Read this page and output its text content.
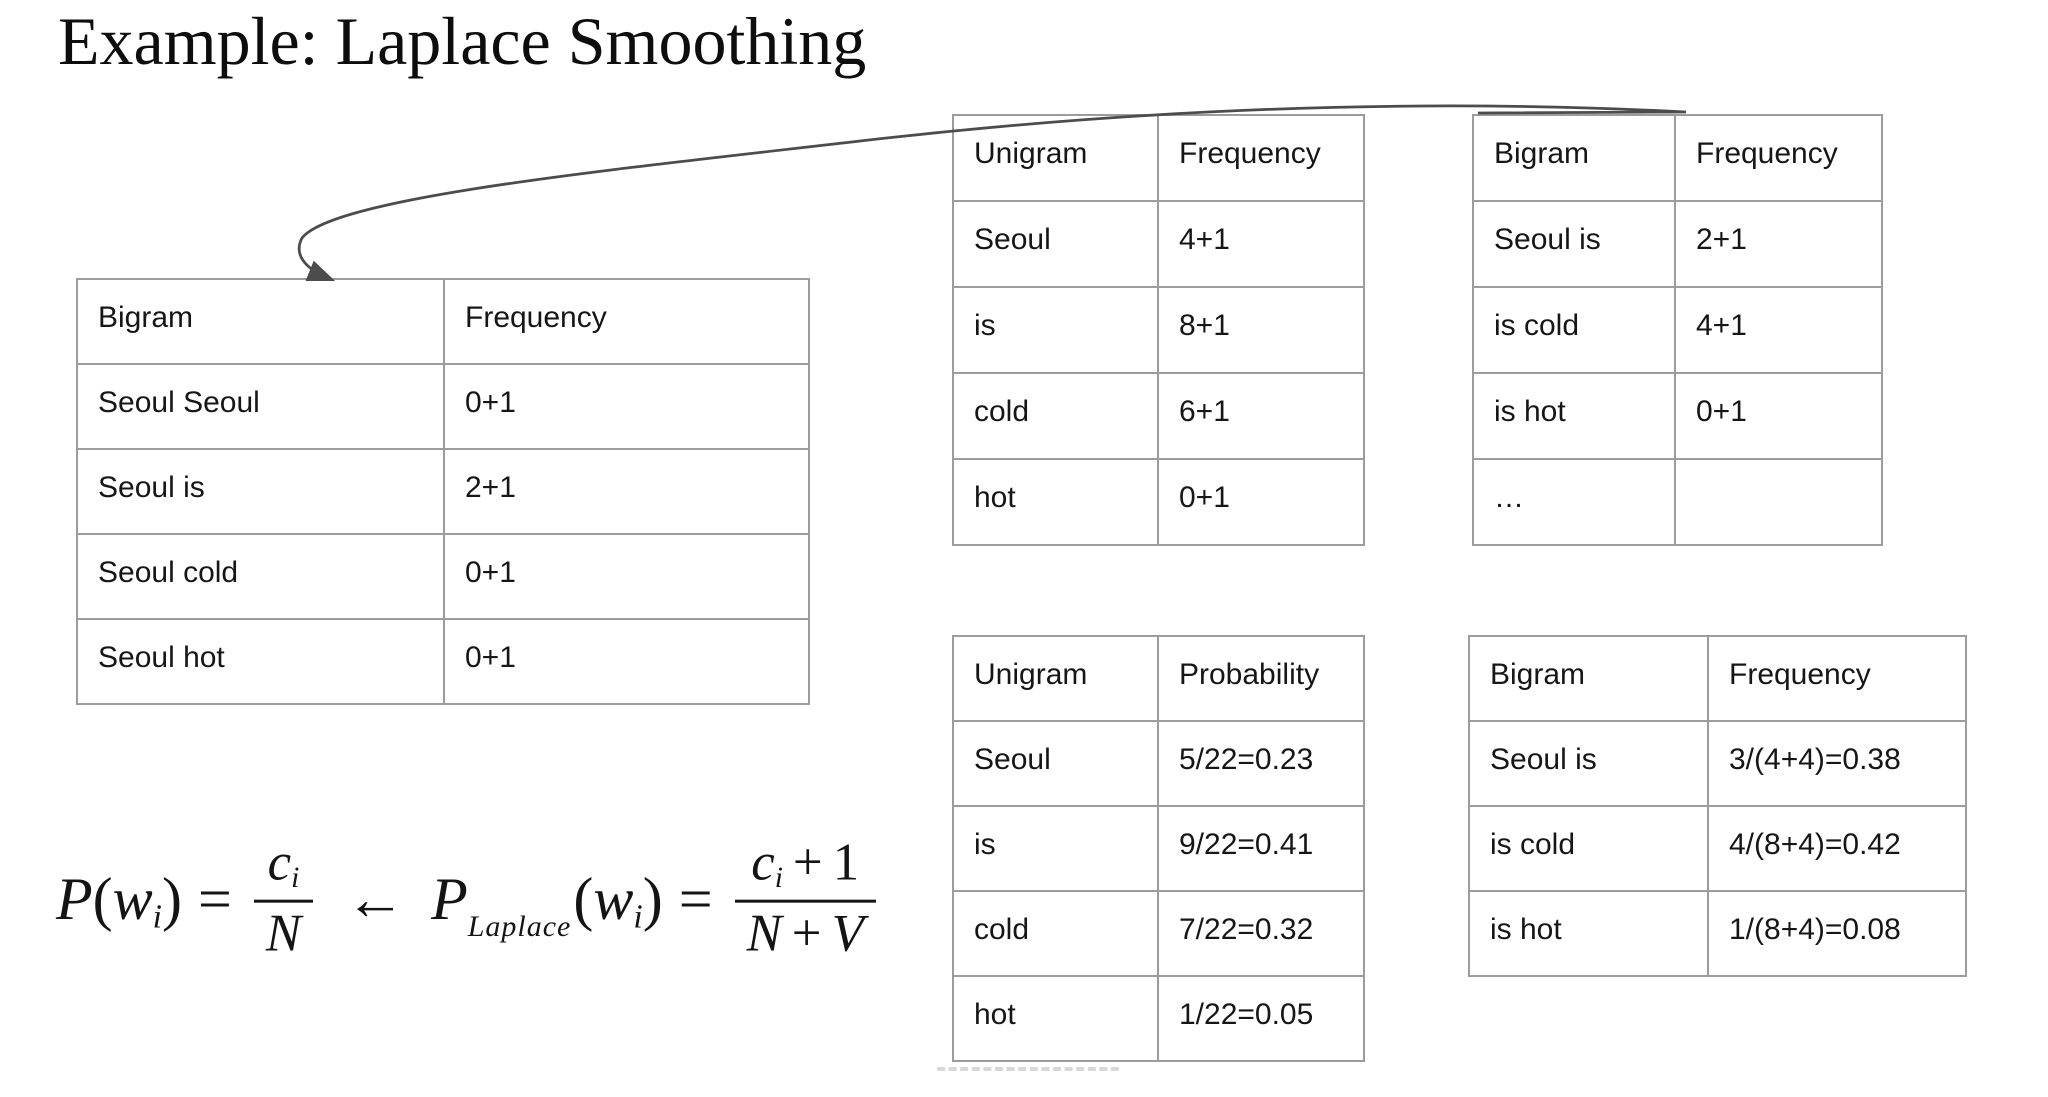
Example: Laplace Smoothing
Bigram	Frequency
Seoul Seoul	0+1
Seoul is	2+1
Seoul cold	0+1
Seoul hot	0+1
Unigram	Frequency
Seoul	4+1
is	8+1
cold	6+1
hot	0+1
Bigram	Frequency
Seoul is	2+1
is cold	4+1
is hot	0+1
…	
Unigram	Probability
Seoul	5/22=0.23
is	9/22=0.41
cold	7/22=0.32
hot	1/22=0.05
Bigram	Frequency
Seoul is	3/(4+4)=0.38
is cold	4/(8+4)=0.42
is hot	1/(8+4)=0.08
$P(wi) = \frac{ci}{N}$ ← $P_{Laplace}(wi) = \frac{ci + 1}{N + V}$
